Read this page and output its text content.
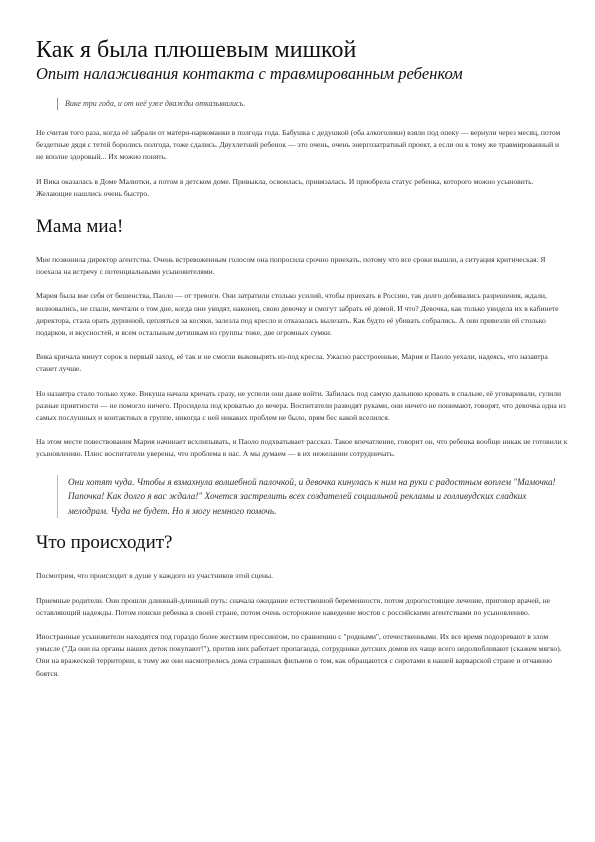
Как я была плюшевым мишкой
Опыт налаживания контакта с травмированным ребенком

Вике три года, и от неё уже дважды отказывались.

Не считая того раза, когда её забрали от матери-наркоманки в полгода года. Бабушка с дедушкой (оба алкоголики) взяли под опеку — вернули через месяц, потом бездетные дядя с тетей боролись полгода, тоже сдались. Двухлетний ребенок — это очень, очень энергозатратный проект, а если он к тому же травмированный и не вполне здоровый... Их можно понять.

И Вика оказалась в Доме Малютки, а потом в детском доме. Привыкла, освоилась, привязалась. И приобрела статус ребенка, которого можно усыновить. Желающие нашлись очень быстро.

Мама миа!

Мне позвонила директор агентства. Очень встревоженным голосом она попросила срочно приехать, потому что все сроки вышли, а ситуация критическая. Я поехала на встречу с потенциальными усыновителями.

Мария была вне себя от бешенства, Паоло — от тревоги. Они затратили столько усилий, чтобы приехать в Россию, так долго добивались разрешения, ждали, волновались, не спали, мечтали о том дне, когда они увидят, наконец, свою девочку и смогут забрать её домой. И что? Девочка, как только увидела их в кабинете директора, стала орать дурниной, цепляться за косяки, залезла под кресло и отказалась вылезать. Как будто её убивать собрались. А они привезли ей столько подарков, и вкусностей, и всем остальным детишкам из группы тоже, две огромных сумки.

Вика кричала минут сорок в первый заход, её так и не смогли выковырять из-под кресла. Ужасно расстроенные, Мария и Паоло уехали, надеясь, что назавтра станет лучше.

Но назавтра стало только хуже. Викуша начала кричать сразу, не успели они даже войти. Забилась под самую дальнюю кровать в спальне, её уговаривали, сулили разные приятности — не помогло ничего. Просидела под кроватью до вечера. Воспитатели разводят руками, они ничего не понимают, говорят, что девочка одна из самых послушных и контактных в группе, никогда с ней никаких проблем не было, прям бес какой вселился.

На этом месте повествования Мария начинает всхлипывать, и Паоло подхватывает рассказ. Такое впечатление, говорит он, что ребенка вообще никак не готовили к усыновлению. Плюс воспитатели уверены, что проблема в нас. А мы думаем — в их нежелании сотрудничать.

Они хотят чуда. Чтобы я взмахнула волшебной палочкой, и девочка кинулась к ним на руки с радостным воплем "Мамочка! Папочка! Как долго я вас ждала!" Хочется застрелить всех создателей социальной рекламы и голливудских сладких мелодрам. Чуда не будет. Но я могу немного помочь.

Что происходит?

Посмотрим, что происходит в душе у каждого из участников этой сцены.

Приемные родители. Они прошли длинный-длинный путь: сначала ожидание естественной беременности, потом дорогостоящее лечение, приговор врачей, не оставляющий надежды. Потом поиски ребенка в своей стране, потом очень осторожное наведение мостов с российскими агентствами по усыновлению.

Иностранные усыновители находятся под гораздо более жестким прессингом, по сравнению с "родными", отечественными. Их все время подозревают в злом умысле ("Да они на органы наших деток покупают!"), против них работает пропаганда, сотрудники детских домов их чаще всего недолюбливают (скажем мягко). Они на вражеской территории, к тому же они насмотрелись дома страшных фильмов о том, как обращаются с сиротами в нашей варварской стране и отчаянно боятся.
